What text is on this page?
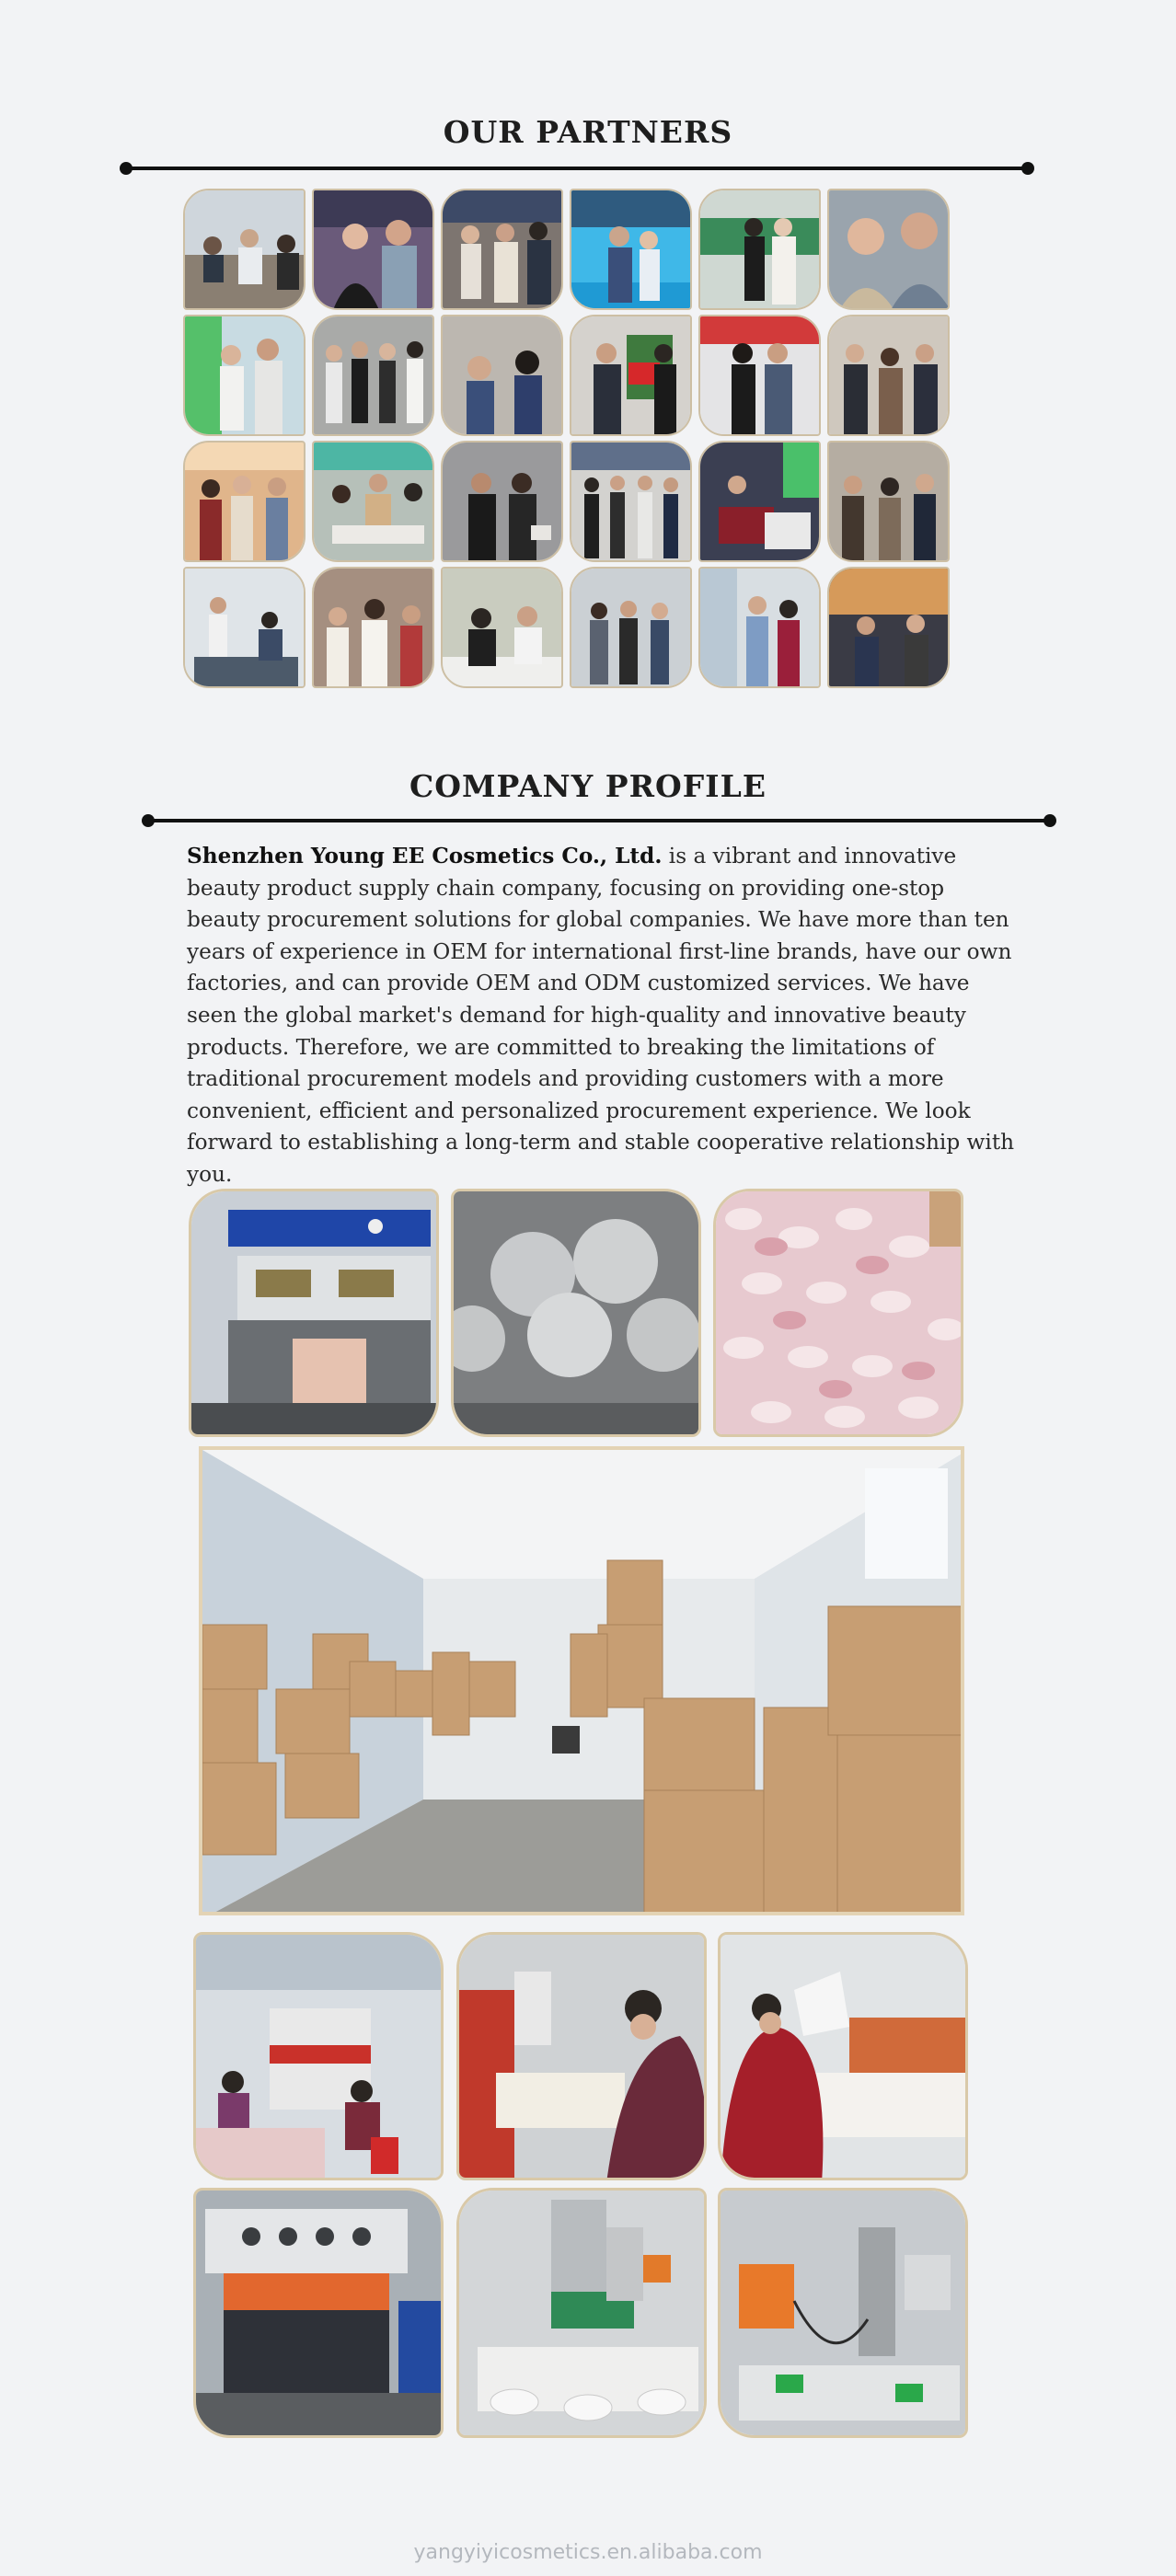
OUR PARTNERS
COMPANY PROFILE
Shenzhen Young EE Cosmetics Co., Ltd. is a vibrant and innovative beauty product supply chain company, focusing on providing one-stop beauty procurement solutions for global companies. We have more than ten years of experience in OEM for international first-line brands, have our own factories, and can provide OEM and ODM customized services. We have seen the global market's demand for high-quality and innovative beauty products. Therefore, we are committed to breaking the limitations of traditional procurement models and providing customers with a more convenient, efficient and personalized procurement experience. We look forward to establishing a long-term and stable cooperative relationship with you.
yangyiyicosmetics.en.alibaba.com
